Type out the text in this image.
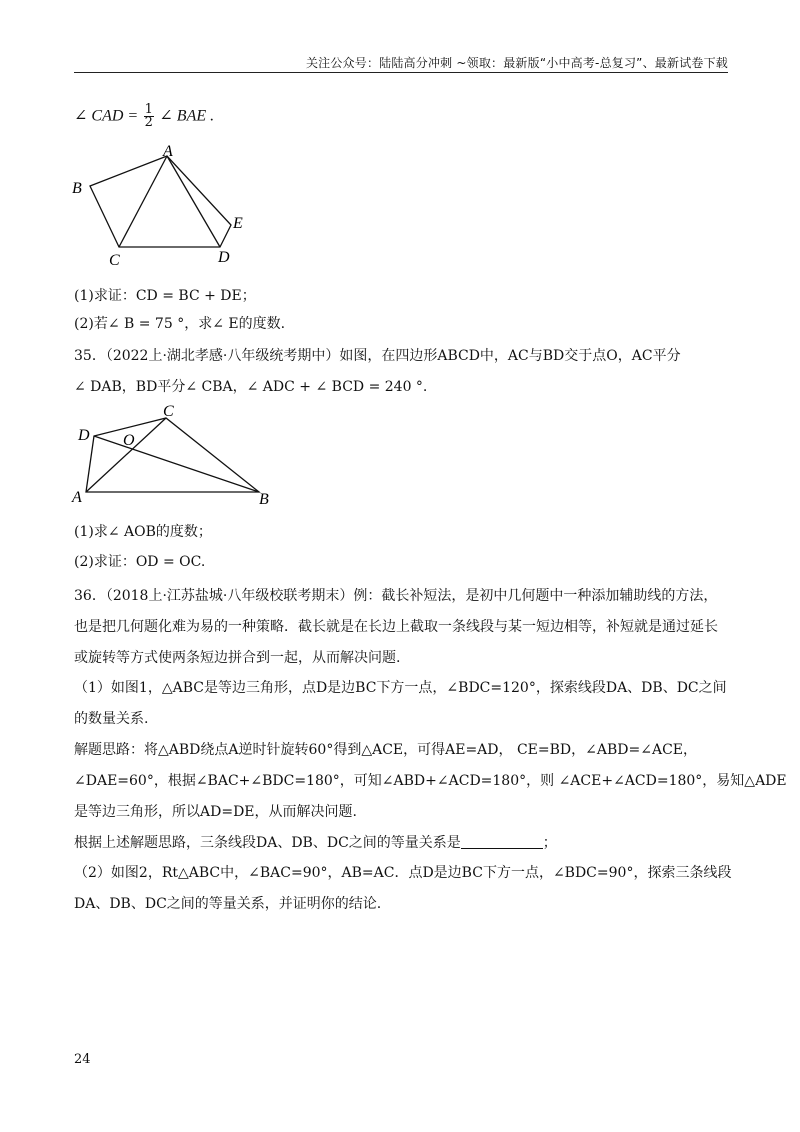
关注公众号：陆陆高分冲刺 ~领取：最新版“小中高考-总复习”、最新试卷下载
∠ CAD = $\frac{1}{2}$ ∠ BAE .
A
B
C	D
E
(1)求证：CD = BC + DE；
(2)若∠ B = 75 °，求∠ E的度数.
35．（2022上·湖北孝感·八年级统考期中）如图，在四边形ABCD中，AC与BD交于点O，AC平分
∠ DAB，BD平分∠ CBA，∠ ADC + ∠ BCD = 240 °.
C
D O
A	B
(1)求∠ AOB的度数；
(2)求证：OD = OC.
36．（2018上·江苏盐城·八年级校联考期末）例：截长补短法，是初中几何题中一种添加辅助线的方法，
也是把几何题化难为易的一种策略．截长就是在长边上截取一条线段与某一短边相等，补短就是通过延长
或旋转等方式使两条短边拼合到一起，从而解决问题.
（1）如图1，△ABC是等边三角形，点D是边BC下方一点，∠BDC=120°，探索线段DA、DB、DC之间
的数量关系.
解题思路：将△ABD绕点A逆时针旋转60°得到△ACE，可得AE=AD， CE=BD，∠ABD=∠ACE，
∠DAE=60°，根据∠BAC+∠BDC=180°，可知∠ABD+∠ACD=180°，则 ∠ACE+∠ACD=180°，易知△ADE
是等边三角形，所以AD=DE，从而解决问题.
根据上述解题思路，三条线段DA、DB、DC之间的等量关系是	；
（2）如图2，Rt△ABC中，∠BAC=90°，AB=AC．点D是边BC下方一点，∠BDC=90°，探索三条线段
DA、DB、DC之间的等量关系，并证明你的结论.
24
